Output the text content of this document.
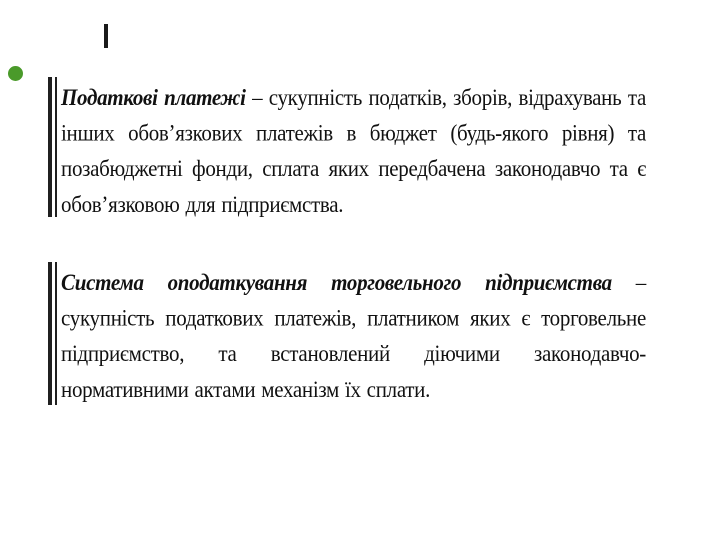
Податкові платежі – сукупність податків, зборів, відрахувань та інших обов’язкових платежів в бюджет (будь-якого рівня) та позабюджетні фонди, сплата яких передбачена законодавчо та є обов’язковою для підприємства.
Система оподаткування торговельного підприємства – сукупність податкових платежів, платником яких є торговельне підприємство, та встановлений діючими законодавчо-нормативними актами механізм їх сплати.
